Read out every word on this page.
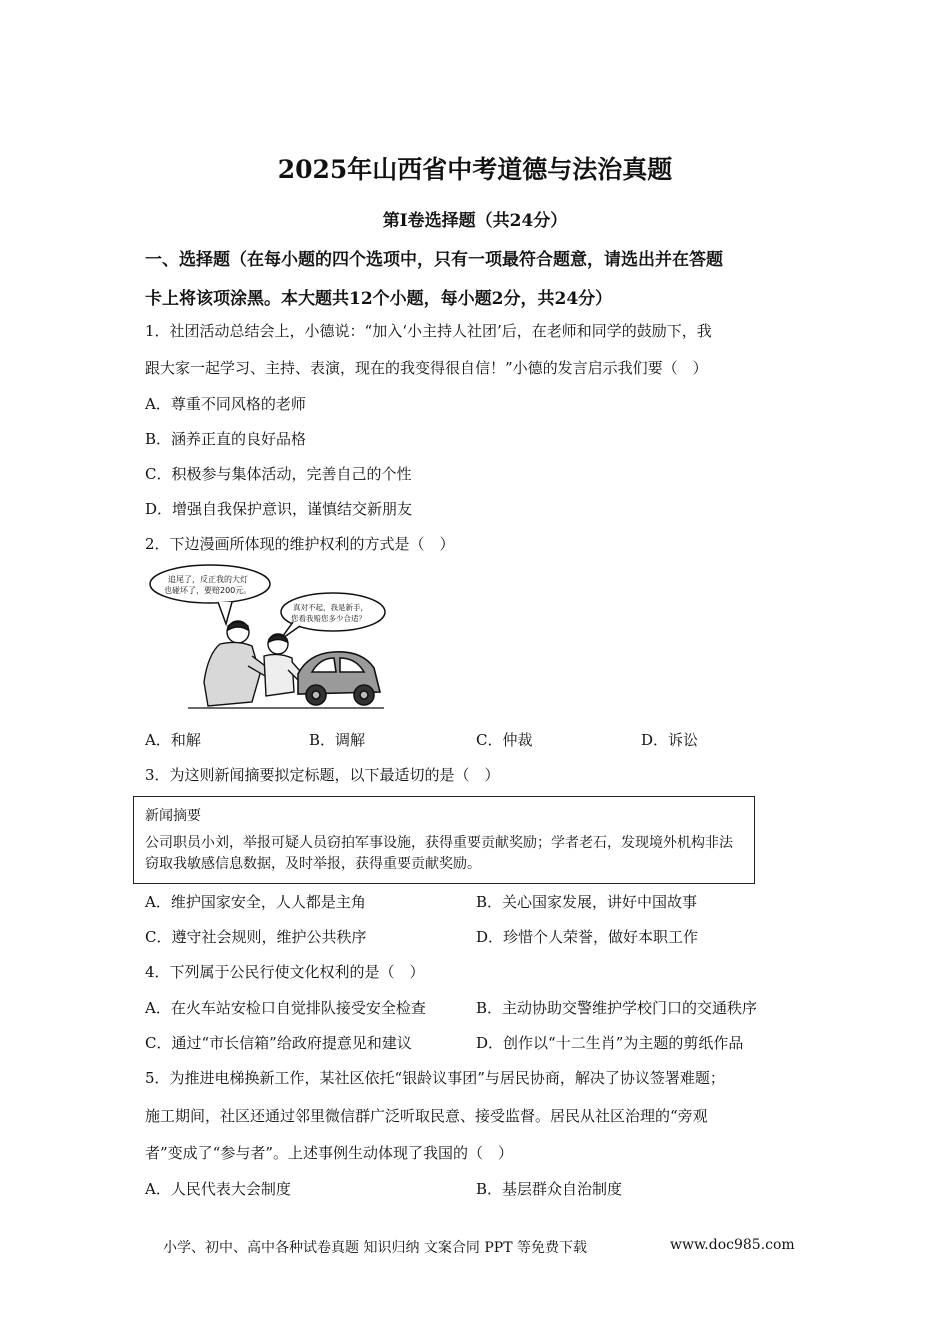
2025年山西省中考道德与法治真题
第Ⅰ卷选择题（共24分）
一、选择题（在每小题的四个选项中，只有一项最符合题意，请选出并在答题
卡上将该项涂黑。本大题共12个小题，每小题2分，共24分）
1．社团活动总结会上，小德说：“加入‘小主持人社团’后，在老师和同学的鼓励下，我
跟大家一起学习、主持、表演，现在的我变得很自信！”小德的发言启示我们要（　）
A．尊重不同风格的老师
B．涵养正直的良好品格
C．积极参与集体活动，完善自己的个性
D．增强自我保护意识，谨慎结交新朋友
2．下边漫画所体现的维护权利的方式是（　）
追尾了，反正我的大灯
也碰坏了，要赔200元。
真对不起，我是新手，
您看我赔您多少合适？
A．和解	B．调解	C．仲裁	D．诉讼
3．为这则新闻摘要拟定标题，以下最适切的是（　）
新闻摘要
公司职员小刘，举报可疑人员窃拍军事设施，获得重要贡献奖励；学者老石，发现境外机构非法窃取我敏感信息数据，及时举报，获得重要贡献奖励。
A．维护国家安全，人人都是主角	B．关心国家发展，讲好中国故事
C．遵守社会规则，维护公共秩序	D．珍惜个人荣誉，做好本职工作
4．下列属于公民行使文化权利的是（　）
A．在火车站安检口自觉排队接受安全检查	B．主动协助交警维护学校门口的交通秩序
C．通过“市长信箱”给政府提意见和建议	D．创作以“十二生肖”为主题的剪纸作品
5．为推进电梯换新工作，某社区依托“银龄议事团”与居民协商，解决了协议签署难题；
施工期间，社区还通过邻里微信群广泛听取民意、接受监督。居民从社区治理的“旁观
者”变成了“参与者”。上述事例生动体现了我国的（　）
A．人民代表大会制度	B．基层群众自治制度
小学、初中、高中各种试卷真题 知识归纳 文案合同 PPT 等免费下载	www.doc985.com
